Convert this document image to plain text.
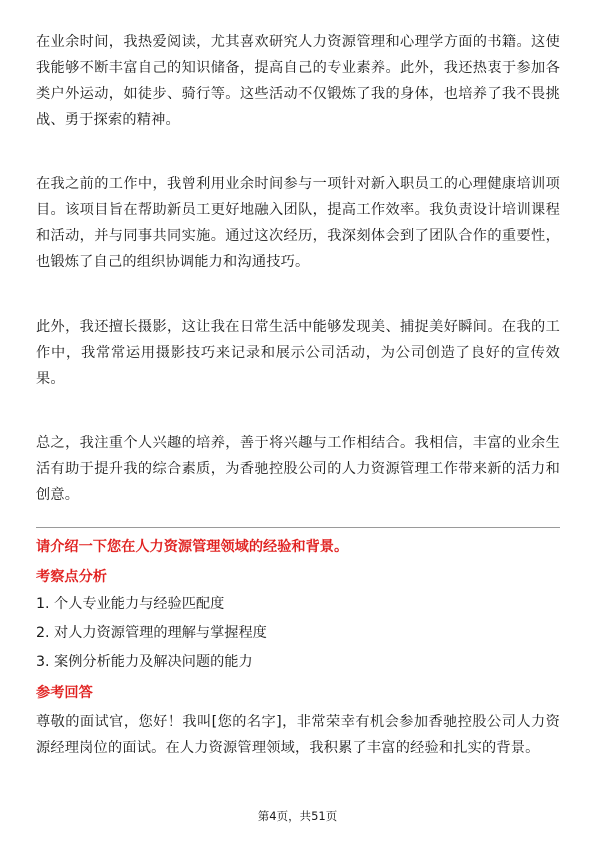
在业余时间，我热爱阅读，尤其喜欢研究人力资源管理和心理学方面的书籍。这使我能够不断丰富自己的知识储备，提高自己的专业素养。此外，我还热衷于参加各类户外运动，如徒步、骑行等。这些活动不仅锻炼了我的身体，也培养了我不畏挑战、勇于探索的精神。

在我之前的工作中，我曾利用业余时间参与一项针对新入职员工的心理健康培训项目。该项目旨在帮助新员工更好地融入团队，提高工作效率。我负责设计培训课程和活动，并与同事共同实施。通过这次经历，我深刻体会到了团队合作的重要性，也锻炼了自己的组织协调能力和沟通技巧。

此外，我还擅长摄影，这让我在日常生活中能够发现美、捕捉美好瞬间。在我的工作中，我常常运用摄影技巧来记录和展示公司活动，为公司创造了良好的宣传效果。

总之，我注重个人兴趣的培养，善于将兴趣与工作相结合。我相信，丰富的业余生活有助于提升我的综合素质，为香驰控股公司的人力资源管理工作带来新的活力和创意。

请介绍一下您在人力资源管理领域的经验和背景。

考察点分析

1. 个人专业能力与经验匹配度

2. 对人力资源管理的理解与掌握程度

3. 案例分析能力及解决问题的能力

参考回答

尊敬的面试官，您好！我叫[您的名字]，非常荣幸有机会参加香驰控股公司人力资源经理岗位的面试。在人力资源管理领域，我积累了丰富的经验和扎实的背景。

第4页，共51页
